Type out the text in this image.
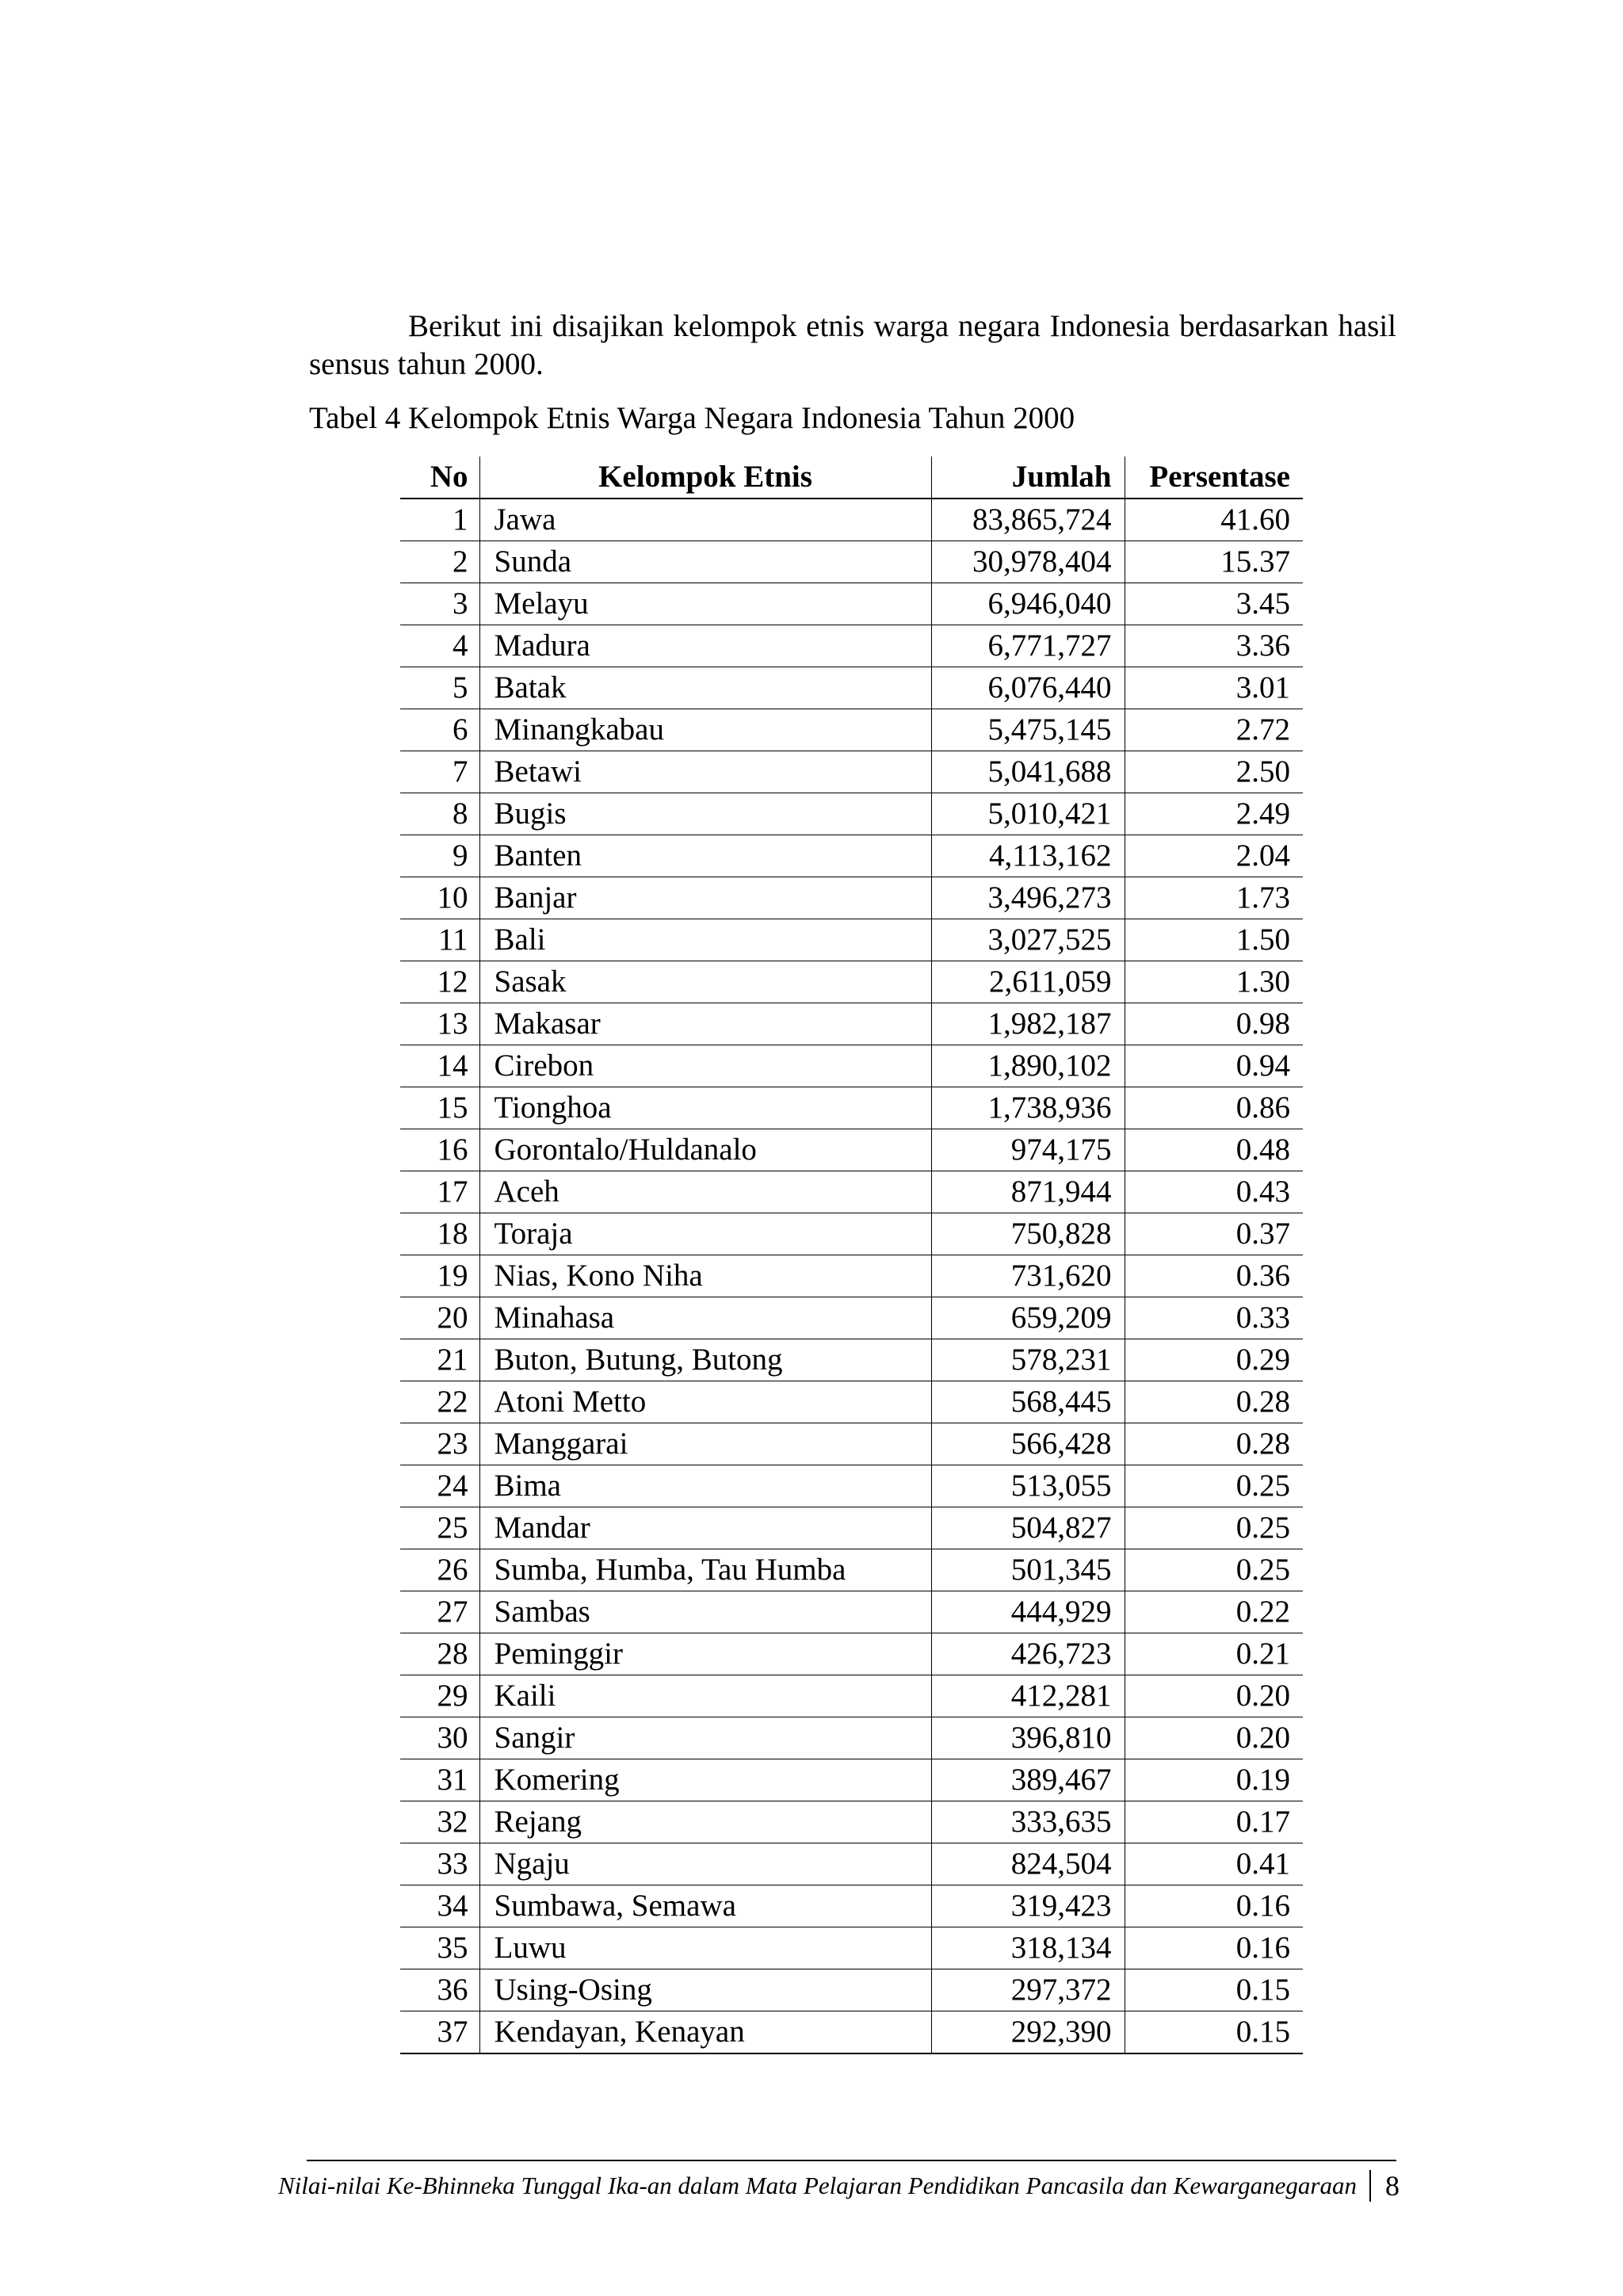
Berikut ini disajikan kelompok etnis warga negara Indonesia berdasarkan hasil sensus tahun 2000.

Tabel 4 Kelompok Etnis Warga Negara Indonesia Tahun 2000

No	Kelompok Etnis	Jumlah	Persentase
1	Jawa	83,865,724	41.60
2	Sunda	30,978,404	15.37
3	Melayu	6,946,040	3.45
4	Madura	6,771,727	3.36
5	Batak	6,076,440	3.01
6	Minangkabau	5,475,145	2.72
7	Betawi	5,041,688	2.50
8	Bugis	5,010,421	2.49
9	Banten	4,113,162	2.04
10	Banjar	3,496,273	1.73
11	Bali	3,027,525	1.50
12	Sasak	2,611,059	1.30
13	Makasar	1,982,187	0.98
14	Cirebon	1,890,102	0.94
15	Tionghoa	1,738,936	0.86
16	Gorontalo/Huldanalo	974,175	0.48
17	Aceh	871,944	0.43
18	Toraja	750,828	0.37
19	Nias, Kono Niha	731,620	0.36
20	Minahasa	659,209	0.33
21	Buton, Butung, Butong	578,231	0.29
22	Atoni Metto	568,445	0.28
23	Manggarai	566,428	0.28
24	Bima	513,055	0.25
25	Mandar	504,827	0.25
26	Sumba, Humba, Tau Humba	501,345	0.25
27	Sambas	444,929	0.22
28	Peminggir	426,723	0.21
29	Kaili	412,281	0.20
30	Sangir	396,810	0.20
31	Komering	389,467	0.19
32	Rejang	333,635	0.17
33	Ngaju	824,504	0.41
34	Sumbawa, Semawa	319,423	0.16
35	Luwu	318,134	0.16
36	Using-Osing	297,372	0.15
37	Kendayan, Kenayan	292,390	0.15
Nilai-nilai Ke-Bhinneka Tunggal Ika-an dalam Mata Pelajaran Pendidikan Pancasila dan Kewarganegaraan 8
